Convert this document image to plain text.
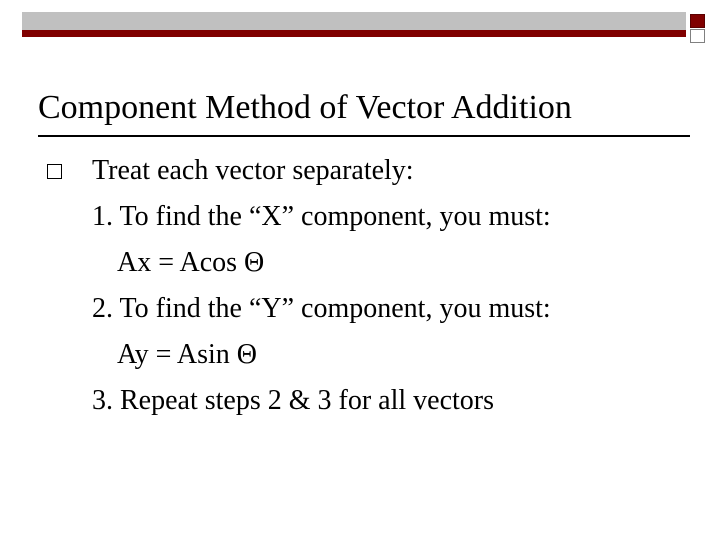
Component Method of Vector Addition
Treat each vector separately:
1. To find the “X” component, you must:
Ax = Acos Θ
2. To find the “Y” component, you must:
Ay = Asin Θ
3. Repeat steps 2 & 3 for all vectors
